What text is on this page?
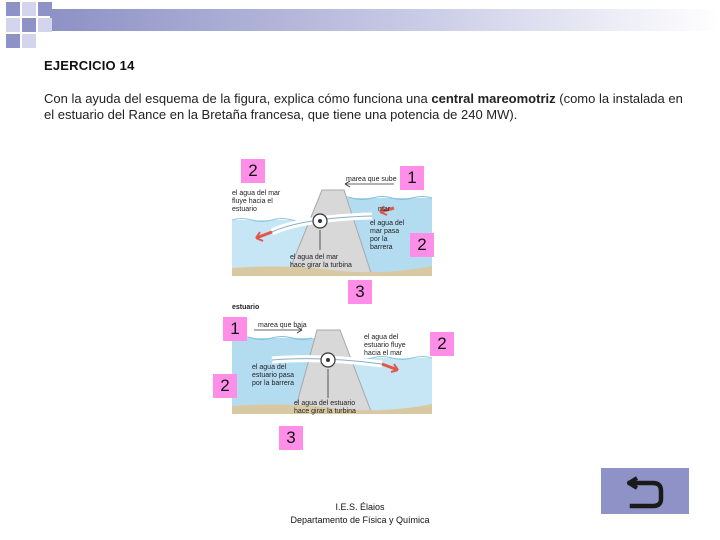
EJERCICIO 14
Con la ayuda del esquema de la figura, explica cómo funciona una central mareomotriz (como la instalada en el estuario del Rance en la Bretaña francesa, que tiene una potencia de 240 MW).
marea que sube
el agua del mar fluye hacia el estuario	mar
el agua del mar pasa por la barrera
el agua del mar hace girar la turbina
2	1
2
3
estuario
marea que baja
el agua del estuario fluye hacia el mar
el agua del estuario pasa por la barrera
el agua del estuario hace girar la turbina
1
2
2
3
I.E.S. Élaios
Departamento de Física y Química
